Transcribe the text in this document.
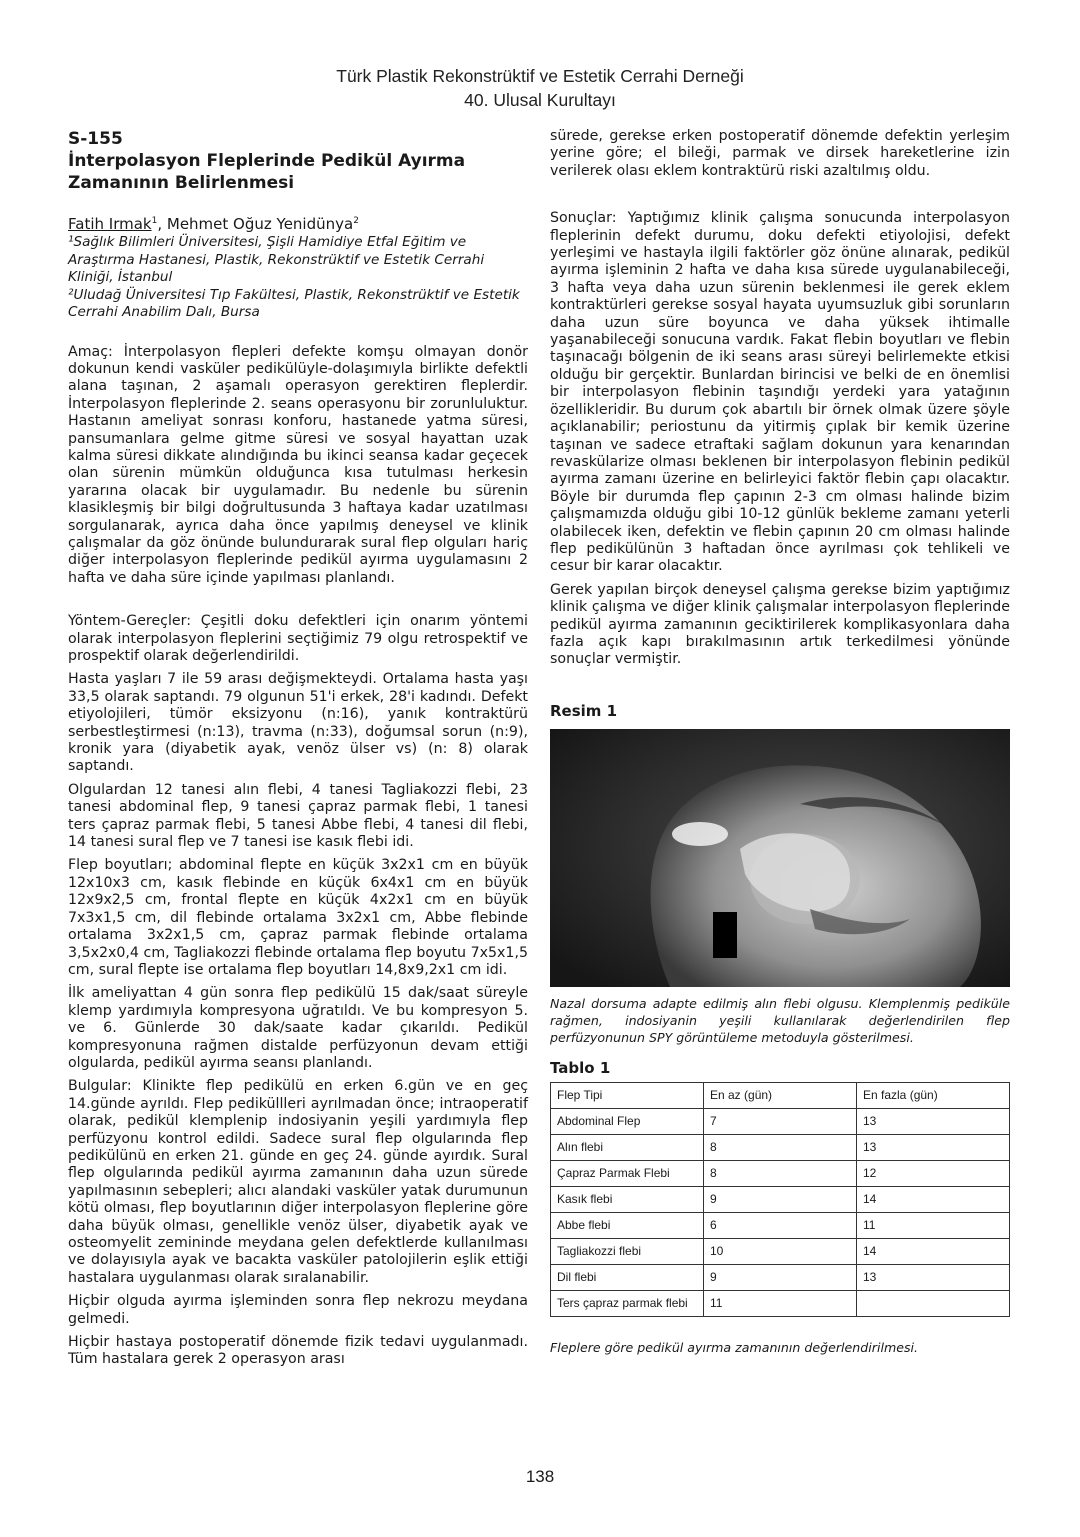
Türk Plastik Rekonstrüktif ve Estetik Cerrahi Derneği
40. Ulusal Kurultayı

S-155

İnterpolasyon Fleplerinde Pedikül Ayırma Zamanının Belirlenmesi

Fatih Irmak$^1$, Mehmet Oğuz Yenidünya$^2$

¹Sağlık Bilimleri Üniversitesi, Şişli Hamidiye Etfal Eğitim ve Araştırma Hastanesi, Plastik, Rekonstrüktif ve Estetik Cerrahi Kliniği, İstanbul

²Uludağ Üniversitesi Tıp Fakültesi, Plastik, Rekonstrüktif ve Estetik Cerrahi Anabilim Dalı, Bursa

Amaç: İnterpolasyon flepleri defekte komşu olmayan donör dokunun kendi vasküler pedikülüyle-dolaşımıyla birlikte defektli alana taşınan, 2 aşamalı operasyon gerektiren fleplerdir. İnterpolasyon fleplerinde 2. seans operasyonu bir zorunluluktur. Hastanın ameliyat sonrası konforu, hastanede yatma süresi, pansumanlara gelme gitme süresi ve sosyal hayattan uzak kalma süresi dikkate alındığında bu ikinci seansa kadar geçecek olan sürenin mümkün olduğunca kısa tutulması herkesin yararına olacak bir uygulamadır. Bu nedenle bu sürenin klasikleşmiş bir bilgi doğrultusunda 3 haftaya kadar uzatılması sorgulanarak, ayrıca daha önce yapılmış deneysel ve klinik çalışmalar da göz önünde bulundurarak sural flep olguları hariç diğer interpolasyon fleplerinde pedikül ayırma uygulamasını 2 hafta ve daha süre içinde yapılması planlandı.

Yöntem-Gereçler: Çeşitli doku defektleri için onarım yöntemi olarak interpolasyon fleplerini seçtiğimiz 79 olgu retrospektif ve prospektif olarak değerlendirildi.

Hasta yaşları 7 ile 59 arası değişmekteydi. Ortalama hasta yaşı 33,5 olarak saptandı. 79 olgunun 51'i erkek, 28'i kadındı. Defekt etiyolojileri, tümör eksizyonu (n:16), yanık kontraktürü serbestleştirmesi (n:13), travma (n:33), doğumsal sorun (n:9), kronik yara (diyabetik ayak, venöz ülser vs) (n: 8) olarak saptandı.

Olgulardan 12 tanesi alın flebi, 4 tanesi Tagliakozzi flebi, 23 tanesi abdominal flep, 9 tanesi çapraz parmak flebi, 1 tanesi ters çapraz parmak flebi, 5 tanesi Abbe flebi, 4 tanesi dil flebi, 14 tanesi sural flep ve 7 tanesi ise kasık flebi idi.

Flep boyutları; abdominal flepte en küçük 3x2x1 cm en büyük 12x10x3 cm, kasık flebinde en küçük 6x4x1 cm en büyük 12x9x2,5 cm, frontal flepte en küçük 4x2x1 cm en büyük 7x3x1,5 cm, dil flebinde ortalama 3x2x1 cm, Abbe flebinde ortalama 3x2x1,5 cm, çapraz parmak flebinde ortalama 3,5x2x0,4 cm, Tagliakozzi flebinde ortalama flep boyutu 7x5x1,5 cm, sural flepte ise ortalama flep boyutları 14,8x9,2x1 cm idi.

İlk ameliyattan 4 gün sonra flep pedikülü 15 dak/saat süreyle klemp yardımıyla kompresyona uğratıldı. Ve bu kompresyon 5. ve 6. Günlerde 30 dak/saate kadar çıkarıldı. Pedikül kompresyonuna rağmen distalde perfüzyonun devam ettiği olgularda, pedikül ayırma seansı planlandı.

Bulgular: Klinikte flep pedikülü en erken 6.gün ve en geç 14.günde ayrıldı. Flep pediküllleri ayrılmadan önce; intraoperatif olarak, pedikül klemplenip indosiyanin yeşili yardımıyla flep perfüzyonu kontrol edildi. Sadece sural flep olgularında flep pedikülünü en erken 21. günde en geç 24. günde ayırdık. Sural flep olgularında pedikül ayırma zamanının daha uzun sürede yapılmasının sebepleri; alıcı alandaki vasküler yatak durumunun kötü olması, flep boyutlarının diğer interpolasyon fleplerine göre daha büyük olması, genellikle venöz ülser, diyabetik ayak ve osteomyelit zemininde meydana gelen defektlerde kullanılması ve dolayısıyla ayak ve bacakta vasküler patolojilerin eşlik ettiği hastalara uygulanması olarak sıralanabilir.

Hiçbir olguda ayırma işleminden sonra flep nekrozu meydana gelmedi.

Hiçbir hastaya postoperatif dönemde fizik tedavi uygulanmadı. Tüm hastalara gerek 2 operasyon arası

sürede, gerekse erken postoperatif dönemde defektin yerleşim yerine göre; el bileği, parmak ve dirsek hareketlerine izin verilerek olası eklem kontraktürü riski azaltılmış oldu.

Sonuçlar: Yaptığımız klinik çalışma sonucunda interpolasyon fleplerinin defekt durumu, doku defekti etiyolojisi, defekt yerleşimi ve hastayla ilgili faktörler göz önüne alınarak, pedikül ayırma işleminin 2 hafta ve daha kısa sürede uygulanabileceği, 3 hafta veya daha uzun sürenin beklenmesi ile gerek eklem kontraktürleri gerekse sosyal hayata uyumsuzluk gibi sorunların daha uzun süre boyunca ve daha yüksek ihtimalle yaşanabileceği sonucuna vardık. Fakat flebin boyutları ve flebin taşınacağı bölgenin de iki seans arası süreyi belirlemekte etkisi olduğu bir gerçektir. Bunlardan birincisi ve belki de en önemlisi bir interpolasyon flebinin taşındığı yerdeki yara yatağının özellikleridir. Bu durum çok abartılı bir örnek olmak üzere şöyle açıklanabilir; periostunu da yitirmiş çıplak bir kemik üzerine taşınan ve sadece etraftaki sağlam dokunun yara kenarından revaskülarize olması beklenen bir interpolasyon flebinin pedikül ayırma zamanı üzerine en belirleyici faktör flebin çapı olacaktır. Böyle bir durumda flep çapının 2-3 cm olması halinde bizim çalışmamızda olduğu gibi 10-12 günlük bekleme zamanı yeterli olabilecek iken, defektin ve flebin çapının 20 cm olması halinde flep pedikülünün 3 haftadan önce ayrılması çok tehlikeli ve cesur bir karar olacaktır.

Gerek yapılan birçok deneysel çalışma gerekse bizim yaptığımız klinik çalışma ve diğer klinik çalışmalar interpolasyon fleplerinde pedikül ayırma zamanının geciktirilerek komplikasyonlara daha fazla açık kapı bırakılmasının artık terkedilmesi yönünde sonuçlar vermiştir.

Resim 1

Nazal dorsuma adapte edilmiş alın flebi olgusu. Klemplenmiş pediküle rağmen, indosiyanin yeşili kullanılarak değerlendirilen flep perfüzyonunun SPY görüntüleme metoduyla gösterilmesi.

Tablo 1

Flep Tipi	En az (gün)	En fazla (gün)
Abdominal Flep	7	13
Alın flebi	8	13
Çapraz Parmak Flebi	8	12
Kasık flebi	9	14
Abbe flebi	6	11
Tagliakozzi flebi	10	14
Dil flebi	9	13
Ters çapraz parmak flebi	11	

Fleplere göre pedikül ayırma zamanının değerlendirilmesi.

138
